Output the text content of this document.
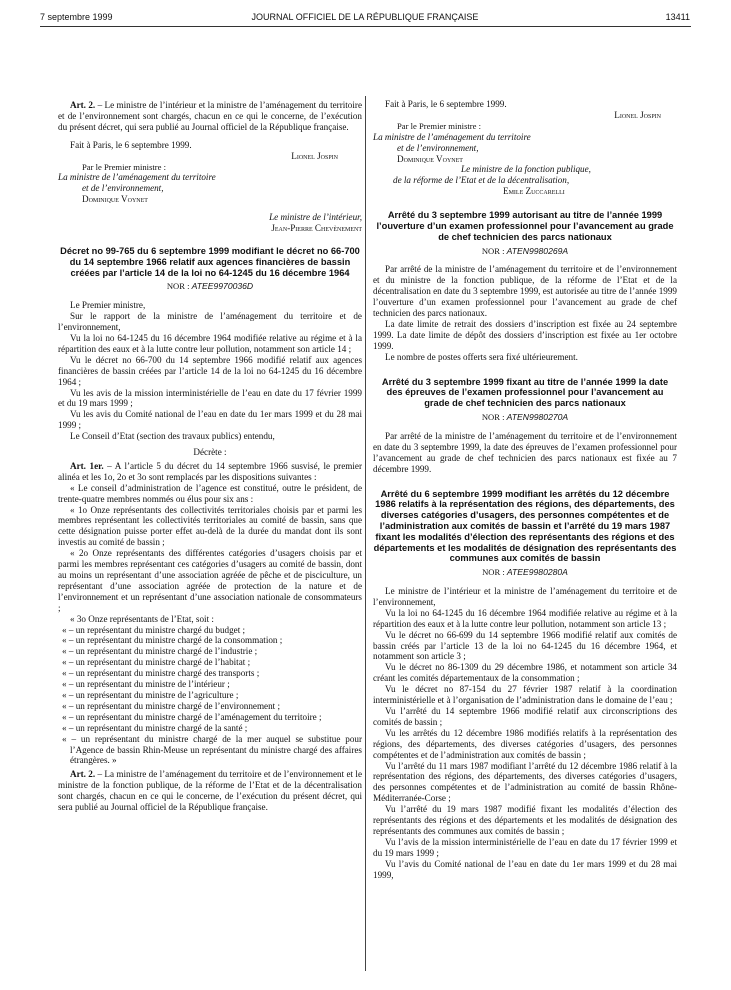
7 septembre 1999	JOURNAL OFFICIEL DE LA RÉPUBLIQUE FRANÇAISE	13411

Art. 2. – Le ministre de l’intérieur et la ministre de l’aménagement du territoire et de l’environnement sont chargés, chacun en ce qui le concerne, de l’exécution du présent décret, qui sera publié au Journal officiel de la République française.

Fait à Paris, le 6 septembre 1999.

Lionel Jospin

Par le Premier ministre :

La ministre de l’aménagement du territoire

et de l’environnement,

Dominique Voynet

Le ministre de l’intérieur,

Jean-Pierre Chevènement

Décret no 99-765 du 6 septembre 1999 modifiant le décret no 66-700 du 14 septembre 1966 relatif aux agences financières de bassin créées par l’article 14 de la loi no 64-1245 du 16 décembre 1964

NOR : ATEE9970036D

Le Premier ministre,

Sur le rapport de la ministre de l’aménagement du territoire et de l’environnement,

Vu la loi no 64-1245 du 16 décembre 1964 modifiée relative au régime et à la répartition des eaux et à la lutte contre leur pollution, notamment son article 14 ;

Vu le décret no 66-700 du 14 septembre 1966 modifié relatif aux agences financières de bassin créées par l’article 14 de la loi no 64-1245 du 16 décembre 1964 ;

Vu les avis de la mission interministérielle de l’eau en date du 17 février 1999 et du 19 mars 1999 ;

Vu les avis du Comité national de l’eau en date du 1er mars 1999 et du 28 mai 1999 ;

Le Conseil d’Etat (section des travaux publics) entendu,

Décrète :

Art. 1er. – A l’article 5 du décret du 14 septembre 1966 susvisé, le premier alinéa et les 1o, 2o et 3o sont remplacés par les dispositions suivantes :

« Le conseil d’administration de l’agence est constitué, outre le président, de trente-quatre membres nommés ou élus pour six ans :

« 1o Onze représentants des collectivités territoriales choisis par et parmi les membres représentant les collectivités territoriales au comité de bassin, sans que cette désignation puisse porter effet au-delà de la durée du mandat dont ils sont investis au comité de bassin ;

« 2o Onze représentants des différentes catégories d’usagers choisis par et parmi les membres représentant ces catégories d’usagers au comité de bassin, dont au moins un représentant d’une association agréée de pêche et de pisciculture, un représentant d’une association agréée de protection de la nature et de l’environnement et un représentant d’une association nationale de consommateurs ;

« 3o Onze représentants de l’Etat, soit :

« – un représentant du ministre chargé du budget ;

« – un représentant du ministre chargé de la consommation ;

« – un représentant du ministre chargé de l’industrie ;

« – un représentant du ministre chargé de l’habitat ;

« – un représentant du ministre chargé des transports ;

« – un représentant du ministre de l’intérieur ;

« – un représentant du ministre de l’agriculture ;

« – un représentant du ministre chargé de l’environnement ;

« – un représentant du ministre chargé de l’aménagement du territoire ;

« – un représentant du ministre chargé de la santé ;

« – un représentant du ministre chargé de la mer auquel se substitue pour l’Agence de bassin Rhin-Meuse un représentant du ministre chargé des affaires étrangères. »

Art. 2. – La ministre de l’aménagement du territoire et de l’environnement et le ministre de la fonction publique, de la réforme de l’Etat et de la décentralisation sont chargés, chacun en ce qui le concerne, de l’exécution du présent décret, qui sera publié au Journal officiel de la République française.

Fait à Paris, le 6 septembre 1999.

Lionel Jospin

Par le Premier ministre :

La ministre de l’aménagement du territoire

et de l’environnement,

Dominique Voynet

Le ministre de la fonction publique,

de la réforme de l’Etat et de la décentralisation,

Emile Zuccarelli

Arrêté du 3 septembre 1999 autorisant au titre de l’année 1999 l’ouverture d’un examen professionnel pour l’avancement au grade de chef technicien des parcs nationaux

NOR : ATEN9980269A

Par arrêté de la ministre de l’aménagement du territoire et de l’environnement et du ministre de la fonction publique, de la réforme de l’Etat et de la décentralisation en date du 3 septembre 1999, est autorisée au titre de l’année 1999 l’ouverture d’un examen professionnel pour l’avancement au grade de chef technicien des parcs nationaux.

La date limite de retrait des dossiers d’inscription est fixée au 24 septembre 1999. La date limite de dépôt des dossiers d’inscription est fixée au 1er octobre 1999.

Le nombre de postes offerts sera fixé ultérieurement.

Arrêté du 3 septembre 1999 fixant au titre de l’année 1999 la date des épreuves de l’examen professionnel pour l’avancement au grade de chef technicien des parcs nationaux

NOR : ATEN9980270A

Par arrêté de la ministre de l’aménagement du territoire et de l’environnement en date du 3 septembre 1999, la date des épreuves de l’examen professionnel pour l’avancement au grade de chef technicien des parcs nationaux est fixée au 7 décembre 1999.

Arrêté du 6 septembre 1999 modifiant les arrêtés du 12 décembre 1986 relatifs à la représentation des régions, des départements, des diverses catégories d’usagers, des personnes compétentes et de l’administration aux comités de bassin et l’arrêté du 19 mars 1987 fixant les modalités d’élection des représentants des régions et des départements et les modalités de désignation des représentants des communes aux comités de bassin

NOR : ATEE9980280A

Le ministre de l’intérieur et la ministre de l’aménagement du territoire et de l’environnement,

Vu la loi no 64-1245 du 16 décembre 1964 modifiée relative au régime et à la répartition des eaux et à la lutte contre leur pollution, notamment son article 13 ;

Vu le décret no 66-699 du 14 septembre 1966 modifié relatif aux comités de bassin créés par l’article 13 de la loi no 64-1245 du 16 décembre 1964, et notamment son article 3 ;

Vu le décret no 86-1309 du 29 décembre 1986, et notamment son article 34 créant les comités départementaux de la consommation ;

Vu le décret no 87-154 du 27 février 1987 relatif à la coordination interministérielle et à l’organisation de l’administration dans le domaine de l’eau ;

Vu l’arrêté du 14 septembre 1966 modifié relatif aux circonscriptions des comités de bassin ;

Vu les arrêtés du 12 décembre 1986 modifiés relatifs à la représentation des régions, des départements, des diverses catégories d’usagers, des personnes compétentes et de l’administration aux comités de bassin ;

Vu l’arrêté du 11 mars 1987 modifiant l’arrêté du 12 décembre 1986 relatif à la représentation des régions, des départements, des diverses catégories d’usagers, des personnes compétentes et de l’administration au comité de bassin Rhône-Méditerranée-Corse ;

Vu l’arrêté du 19 mars 1987 modifié fixant les modalités d’élection des représentants des régions et des départements et les modalités de désignation des représentants des communes aux comités de bassin ;

Vu l’avis de la mission interministérielle de l’eau en date du 17 février 1999 et du 19 mars 1999 ;

Vu l’avis du Comité national de l’eau en date du 1er mars 1999 et du 28 mai 1999,
